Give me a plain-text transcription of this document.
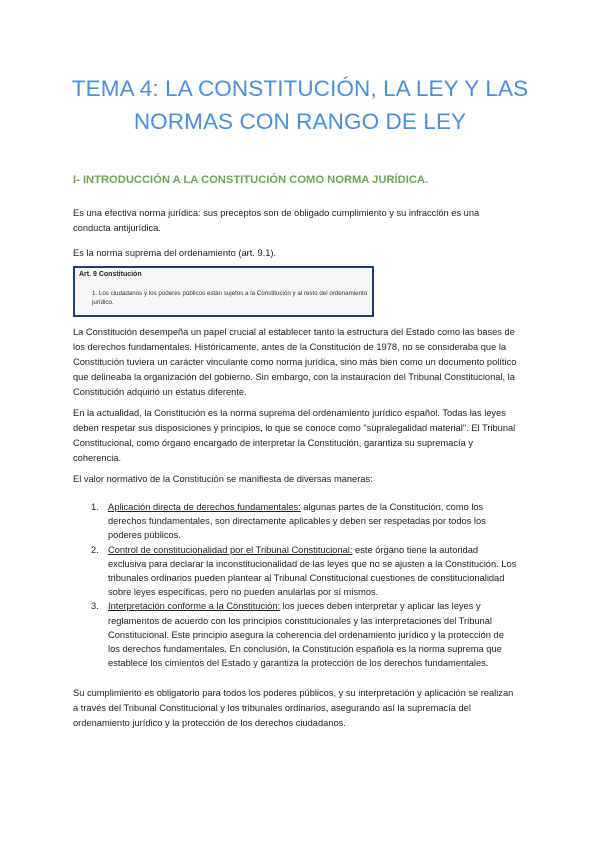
TEMA 4: LA CONSTITUCIÓN, LA LEY Y LAS NORMAS CON RANGO DE LEY
I- INTRODUCCIÓN A LA CONSTITUCIÓN COMO NORMA JURÍDICA.

Es una efectiva norma jurídica: sus preceptos son de obligado cumplimiento y su infracción es una conducta antijurídica.

Es la norma suprema del ordenamiento (art. 9.1).

Art. 9 Constitución
1. Los ciudadanos y los poderes públicos están sujetos a la Constitución y al resto del ordenamiento jurídico.

La Constitución desempeña un papel crucial al establecer tanto la estructura del Estado como las bases de los derechos fundamentales. Históricamente, antes de la Constitución de 1978, no se consideraba que la Constitución tuviera un carácter vinculante como norma jurídica, sino más bien como un documento político que delineaba la organización del gobierno. Sin embargo, con la instauración del Tribunal Constitucional, la Constitución adquirió un estatus diferente.

En la actualidad, la Constitución es la norma suprema del ordenamiento jurídico español. Todas las leyes deben respetar sus disposiciones y principios, lo que se conoce como "supralegalidad material". El Tribunal Constitucional, como órgano encargado de interpretar la Constitución, garantiza su supremacía y coherencia.

El valor normativo de la Constitución se manifiesta de diversas maneras:

1. Aplicación directa de derechos fundamentales: algunas partes de la Constitución, como los derechos fundamentales, son directamente aplicables y deben ser respetadas por todos los poderes públicos.
2. Control de constitucionalidad por el Tribunal Constitucional: este órgano tiene la autoridad exclusiva para declarar la inconstitucionalidad de las leyes que no se ajusten a la Constitución. Los tribunales ordinarios pueden plantear al Tribunal Constitucional cuestiones de constitucionalidad sobre leyes específicas, pero no pueden anularlas por sí mismos.
3. Interpretación conforme a la Constitución: los jueces deben interpretar y aplicar las leyes y reglamentos de acuerdo con los principios constitucionales y las interpretaciones del Tribunal Constitucional. Este principio asegura la coherencia del ordenamiento jurídico y la protección de los derechos fundamentales. En conclusión, la Constitución española es la norma suprema que establece los cimientos del Estado y garantiza la protección de los derechos fundamentales.

Su cumplimiento es obligatorio para todos los poderes públicos, y su interpretación y aplicación se realizan a través del Tribunal Constitucional y los tribunales ordinarios, asegurando así la supremacía del ordenamiento jurídico y la protección de los derechos ciudadanos.
